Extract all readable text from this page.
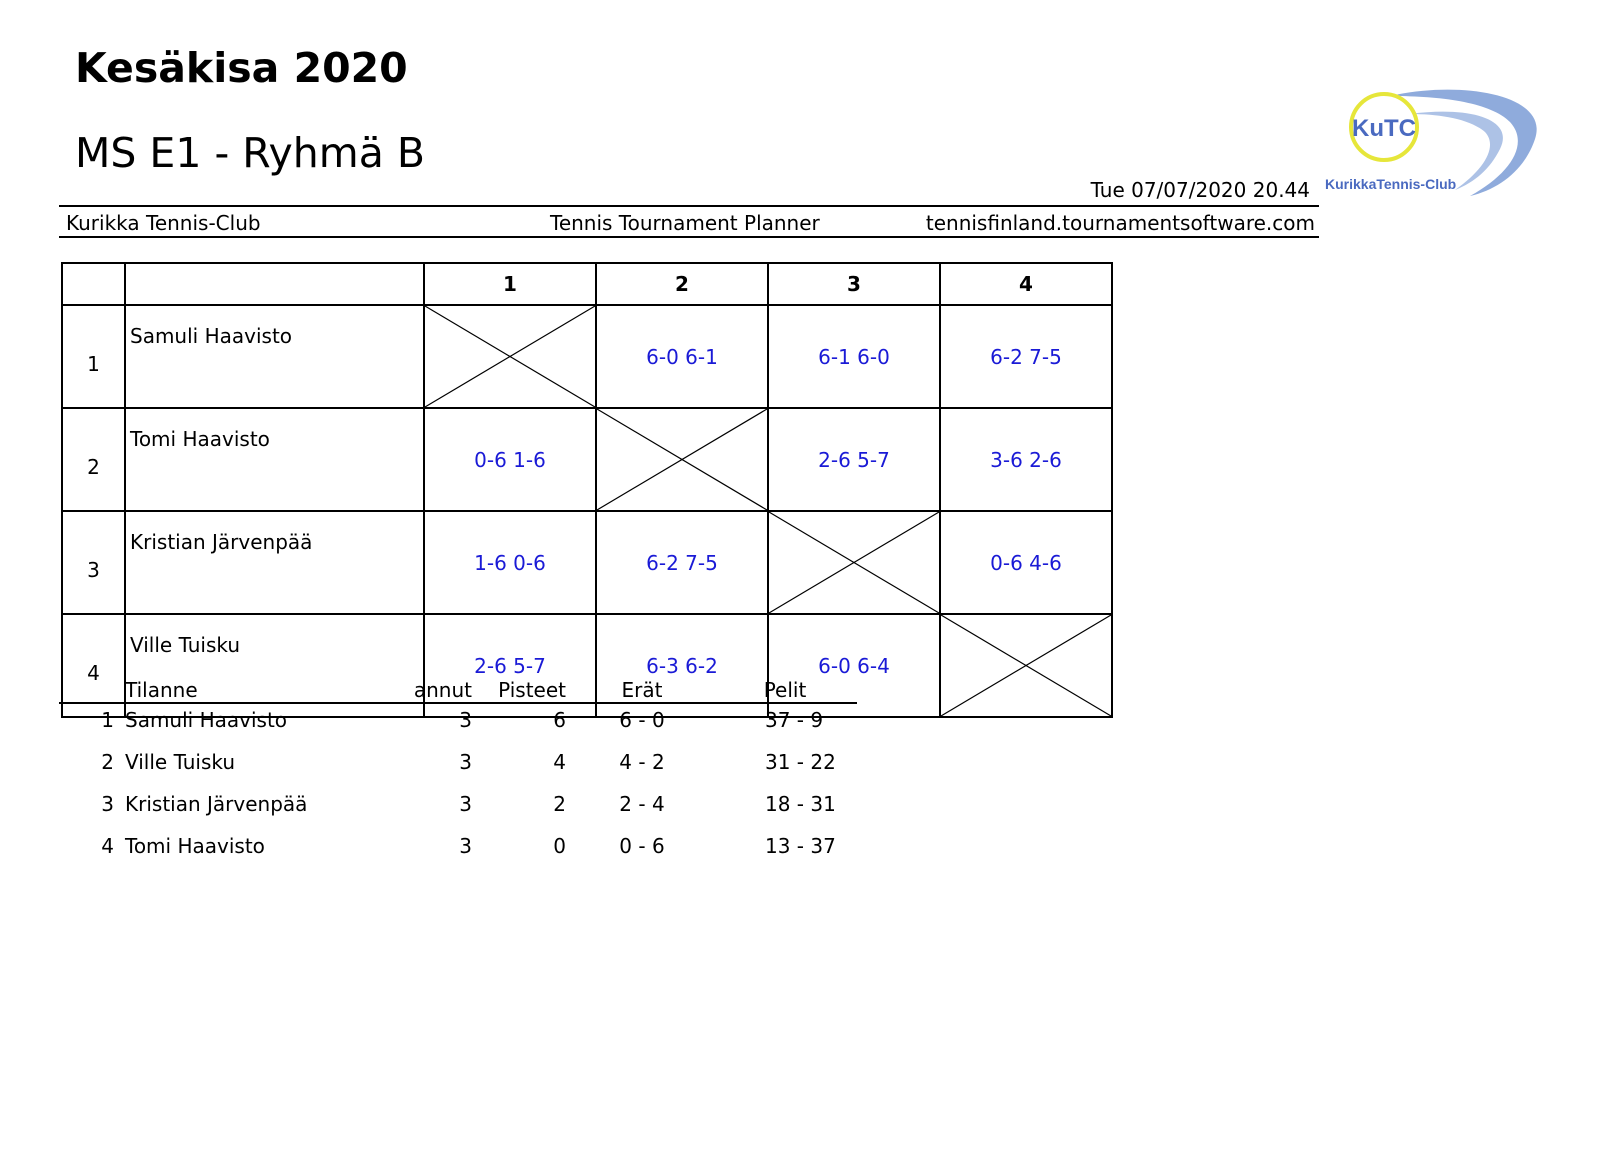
Kesäkisa 2020
MS E1 - Ryhmä B
Tue 07/07/2020 20.44
KuTC
KurikkaTennis-Club
Kurikka Tennis-Club	Tennis Tournament Planner	tennisfinland.tournamentsoftware.com
		1	2	3	4
1	Samuli Haavisto		6-0 6-1	6-1 6-0	6-2 7-5
2	Tomi Haavisto	0-6 1-6		2-6 5-7	3-6 2-6
3	Kristian Järvenpää	1-6 0-6	6-2 7-5		0-6 4-6
4	Ville Tuisku	2-6 5-7	6-3 6-2	6-0 6-4	
Tilanne	annut	Pisteet	Erät	Pelit
1 Samuli Haavisto	3	6	6 - 0	37 - 9
2 Ville Tuisku	3	4	4 - 2	31 - 22
3 Kristian Järvenpää	3	2	2 - 4	18 - 31
4 Tomi Haavisto	3	0	0 - 6	13 - 37
